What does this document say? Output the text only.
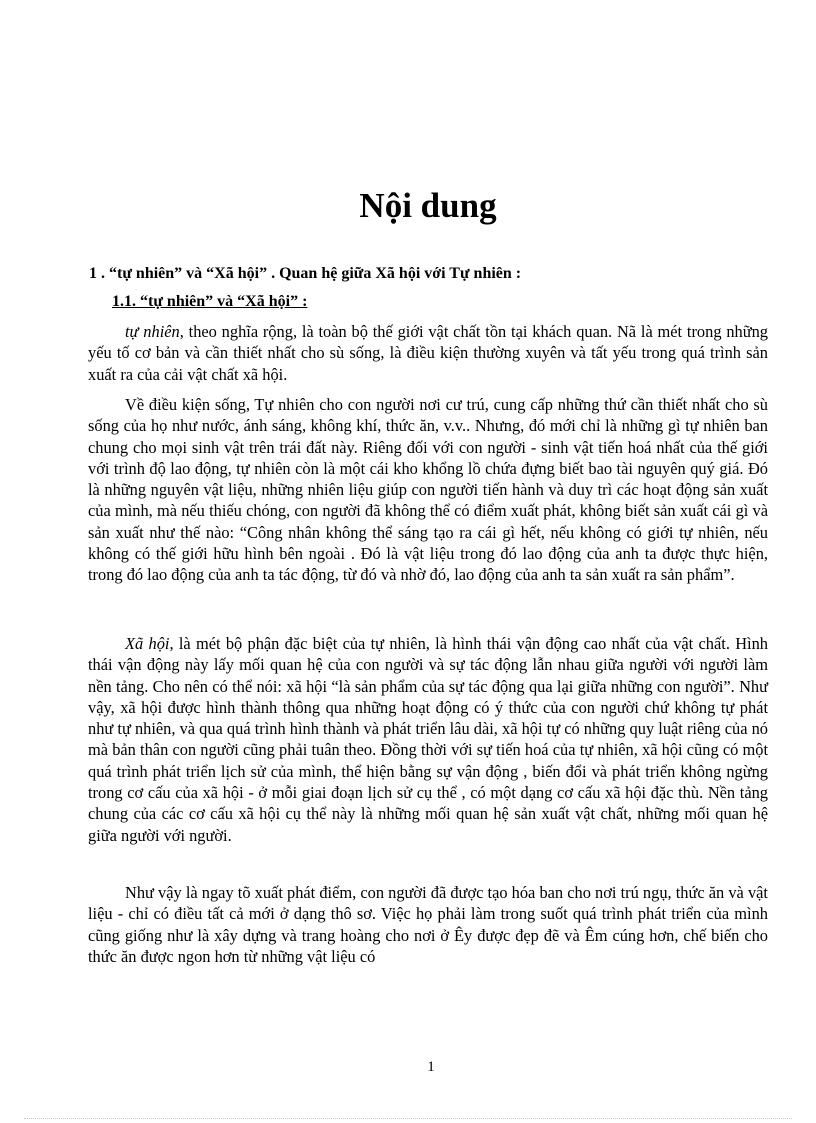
Nội dung
1 . “tự nhiên” và “Xã hội” . Quan hệ giữa Xã hội với Tự nhiên :
1.1. “tự nhiên” và “Xã hội” :

tự nhiên, theo nghĩa rộng, là toàn bộ thế giới vật chất tồn tại khách quan. Nã là mét trong những yếu tố cơ bản và cần thiết nhất cho sù sống, là điều kiện thường xuyên và tất yếu trong quá trình sản xuất ra của cải vật chất xã hội.

Về điều kiện sống, Tự nhiên cho con người nơi cư trú, cung cấp những thứ cần thiết nhất cho sù sống của họ như nước, ánh sáng, không khí, thức ăn, v.v.. Nhưng, đó mới chỉ là những gì tự nhiên ban chung cho mọi sinh vật trên trái đất này. Riêng đối với con người - sinh vật tiến hoá nhất của thế giới với trình độ lao động, tự nhiên còn là một cái kho khổng lồ chứa đựng biết bao tài nguyên quý giá. Đó là những nguyên vật liệu, những nhiên liệu giúp con người tiến hành và duy trì các hoạt động sản xuất của mình, mà nếu thiếu chóng, con người đã không thể có điểm xuất phát, không biết sản xuất cái gì và sản xuất như thế nào: “Công nhân không thể sáng tạo ra cái gì hết, nếu không có giới tự nhiên, nếu không có thế giới hữu hình bên ngoài . Đó là vật liệu trong đó lao động của anh ta được thực hiện, trong đó lao động của anh ta tác động, từ đó và nhờ đó, lao động của anh ta sản xuất ra sản phẩm”.

Xã hội, là mét bộ phận đặc biệt của tự nhiên, là hình thái vận động cao nhất của vật chất. Hình thái vận động này lấy mối quan hệ của con người và sự tác động lẫn nhau giữa người với người làm nền tảng. Cho nên có thể nói: xã hội “là sản phẩm của sự tác động qua lại giữa những con người”. Như vậy, xã hội được hình thành thông qua những hoạt động có ý thức của con người chứ không tự phát như tự nhiên, và qua quá trình hình thành và phát triển lâu dài, xã hội tự có những quy luật riêng của nó mà bản thân con người cũng phải tuân theo. Đồng thời với sự tiến hoá của tự nhiên, xã hội cũng có một quá trình phát triển lịch sử của mình, thể hiện bằng sự vận động , biến đổi và phát triển không ngừng trong cơ cấu của xã hội - ở mỗi giai đoạn lịch sử cụ thể , có một dạng cơ cấu xã hội đặc thù. Nền tảng chung của các cơ cấu xã hội cụ thể này là những mối quan hệ sản xuất vật chất, những mối quan hệ giữa người với người.

Như vậy là ngay tõ xuất phát điểm, con người đã được tạo hóa ban cho nơi trú ngụ, thức ăn và vật liệu - chỉ có điều tất cả mới ở dạng thô sơ. Việc họ phải làm trong suốt quá trình phát triển của mình cũng giống như là xây dựng và trang hoàng cho nơi ở Êy được đẹp đẽ và Êm cúng hơn, chế biến cho thức ăn được ngon hơn từ những vật liệu có

1
